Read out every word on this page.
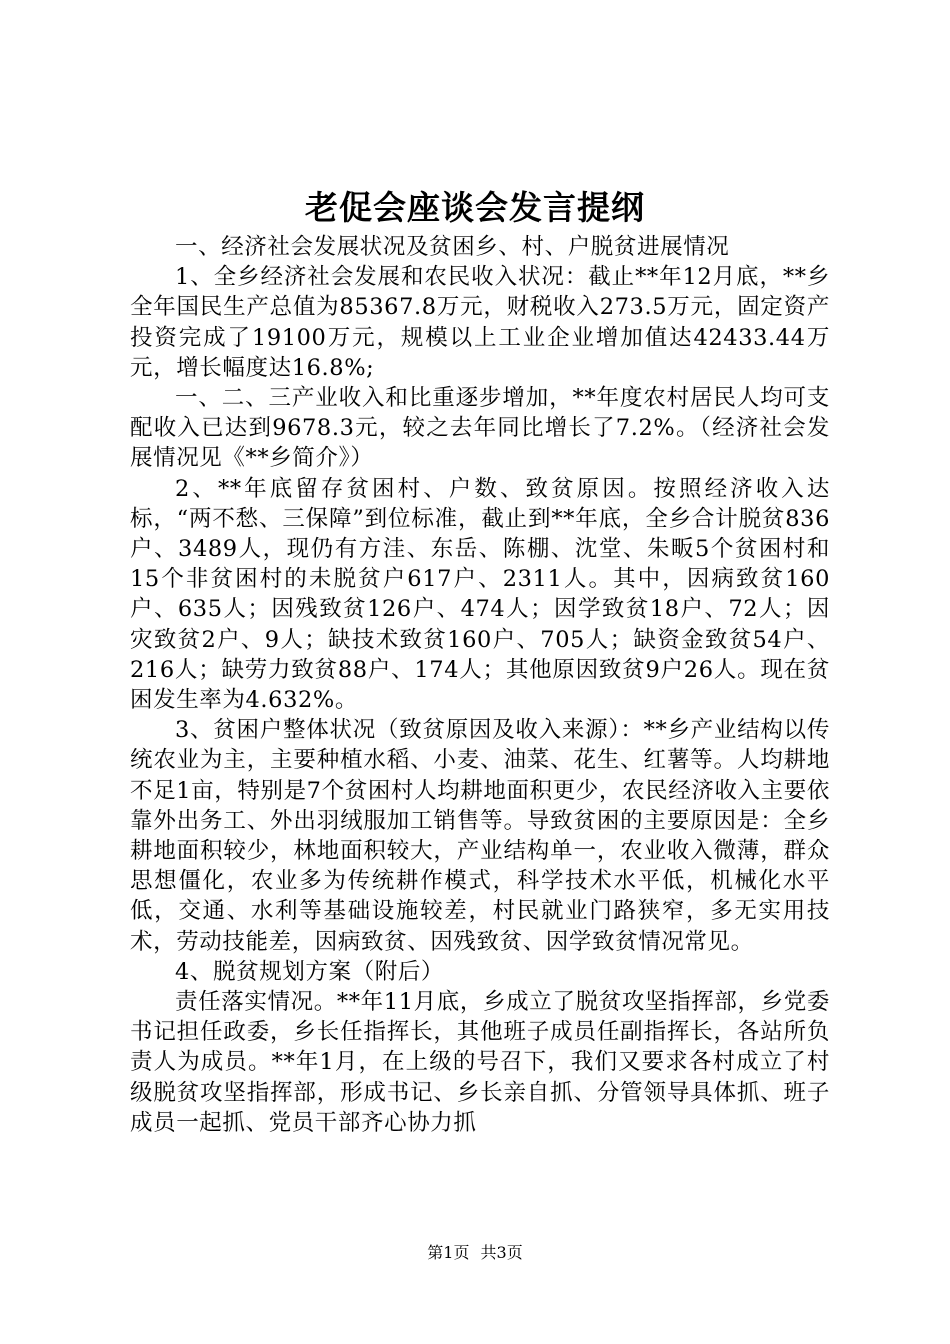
老促会座谈会发言提纲

一、经济社会发展状况及贫困乡、村、户脱贫进展情况

1、全乡经济社会发展和农民收入状况：截止**年12月底，**乡全年国民生产总值为85367.8万元，财税收入273.5万元，固定资产投资完成了19100万元，规模以上工业企业增加值达42433.44万元，增长幅度达16.8%;

一、二、三产业收入和比重逐步增加，**年度农村居民人均可支配收入已达到9678.3元，较之去年同比增长了7.2%。（经济社会发展情况见《**乡简介》）

2、**年底留存贫困村、户数、致贫原因。按照经济收入达标，“两不愁、三保障”到位标准，截止到**年底，全乡合计脱贫836户、3489人，现仍有方洼、东岳、陈棚、沈堂、朱畈5个贫困村和15个非贫困村的未脱贫户617户、2311人。其中，因病致贫160户、635人；因残致贫126户、474人；因学致贫18户、72人；因灾致贫2户、9人；缺技术致贫160户、705人；缺资金致贫54户、216人；缺劳力致贫88户、174人；其他原因致贫9户26人。现在贫困发生率为4.632%。

3、贫困户整体状况（致贫原因及收入来源）：**乡产业结构以传统农业为主，主要种植水稻、小麦、油菜、花生、红薯等。人均耕地不足1亩，特别是7个贫困村人均耕地面积更少，农民经济收入主要依靠外出务工、外出羽绒服加工销售等。导致贫困的主要原因是：全乡耕地面积较少，林地面积较大，产业结构单一，农业收入微薄，群众思想僵化，农业多为传统耕作模式，科学技术水平低，机械化水平低，交通、水利等基础设施较差，村民就业门路狭窄，多无实用技术，劳动技能差，因病致贫、因残致贫、因学致贫情况常见。

4、脱贫规划方案（附后）

责任落实情况。**年11月底，乡成立了脱贫攻坚指挥部，乡党委书记担任政委，乡长任指挥长，其他班子成员任副指挥长，各站所负责人为成员。**年1月，在上级的号召下，我们又要求各村成立了村级脱贫攻坚指挥部，形成书记、乡长亲自抓、分管领导具体抓、班子成员一起抓、党员干部齐心协力抓

第1页 共3页
